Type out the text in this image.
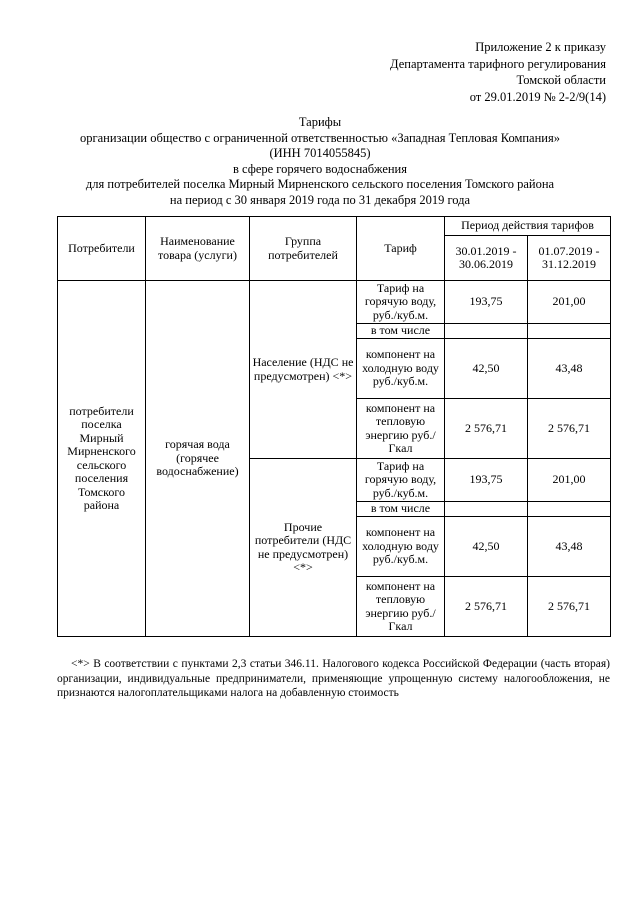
Приложение 2 к приказу
Департамента тарифного регулирования
Томской области
от 29.01.2019 № 2-2/9(14)
Тарифы
организации общество с ограниченной ответственностью «Западная Тепловая Компания»
(ИНН 7014055845)
в сфере горячего водоснабжения
для потребителей поселка Мирный Мирненского сельского поселения Томского района
на период с 30 января 2019 года по 31 декабря 2019 года
Потребители	Наименование товара (услуги)	Группа потребителей	Тариф	Период действия тарифов	
				30.01.2019 - 30.06.2019	01.07.2019 - 31.12.2019
потребители поселка Мирный Мирненского сельского поселения Томского района	горячая вода (горячее водоснабжение)	Население (НДС не предусмотрен) <*>	Тариф на горячую воду, руб./куб.м.	193,75	201,00
			в том числе		
			компонент на холодную воду руб./куб.м.	42,50	43,48
			компонент на тепловую энергию руб./Гкал	2 576,71	2 576,71
		Прочие потребители (НДС не предусмотрен) <*>	Тариф на горячую воду, руб./куб.м.	193,75	201,00
			в том числе		
			компонент на холодную воду руб./куб.м.	42,50	43,48
			компонент на тепловую энергию руб./Гкал	2 576,71	2 576,71
<*> В соответствии с пунктами 2,3 статьи 346.11. Налогового кодекса Российской Федерации (часть вторая) организации, индивидуальные предприниматели, применяющие упрощенную систему налогообложения, не признаются налогоплательщиками налога на добавленную стоимость
